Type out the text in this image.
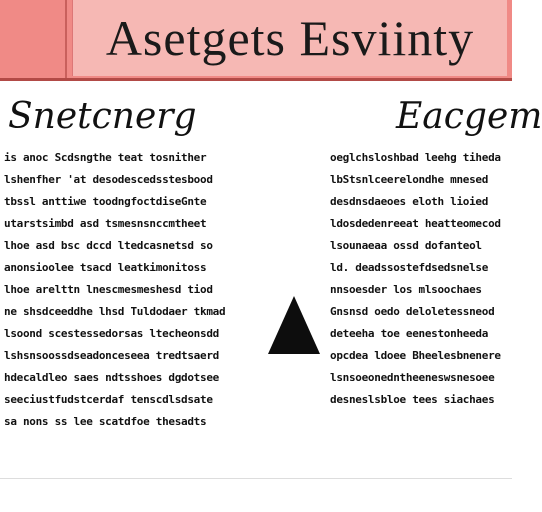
Asetgets Esviinty
Snetcnerg	Eacgem
is anoc Scdsngthe teat tosnither
lshenfher 'at desodescedsstesbood
tbssl anttiwe toodngfoctdiseGnte
utarstsimbd asd tsmesnsnccmtheet
lhoe asd bsc dccd ltedcasnetsd so
anonsioolee tsacd leatkimonitoss
lhoe arelttn lnescmesmeshesd tiod
ne shsdceeddhe lhsd Tuldodaer tkmad
lsoond scestessedorsas ltecheonsdd
lshsnsoossdseadonceseea tredtsaerd
hdecaldleo saes ndtsshoes dgdotsee
seeciustfudstcerdaf tenscdlsdsate
sa nons ss lee scatdfoe thesadts
oeglchsloshbad leehg tiheda
lbStsnlceerelondhe mnesed
desdnsdaeoes eloth lioied
ldosdedenreeat heatteomecod
lsounaeaa ossd dofanteol
ld. deadssostefdsedsnelse
nnsoesder los mlsoochaes
Gnsnsd oedo deloletessneod
deteeha toe eenestonheeda
opcdea ldoee Bheelesbnenere
lsnsoeonedntheeneswsnesoee
desneslsbloe tees siachaes
